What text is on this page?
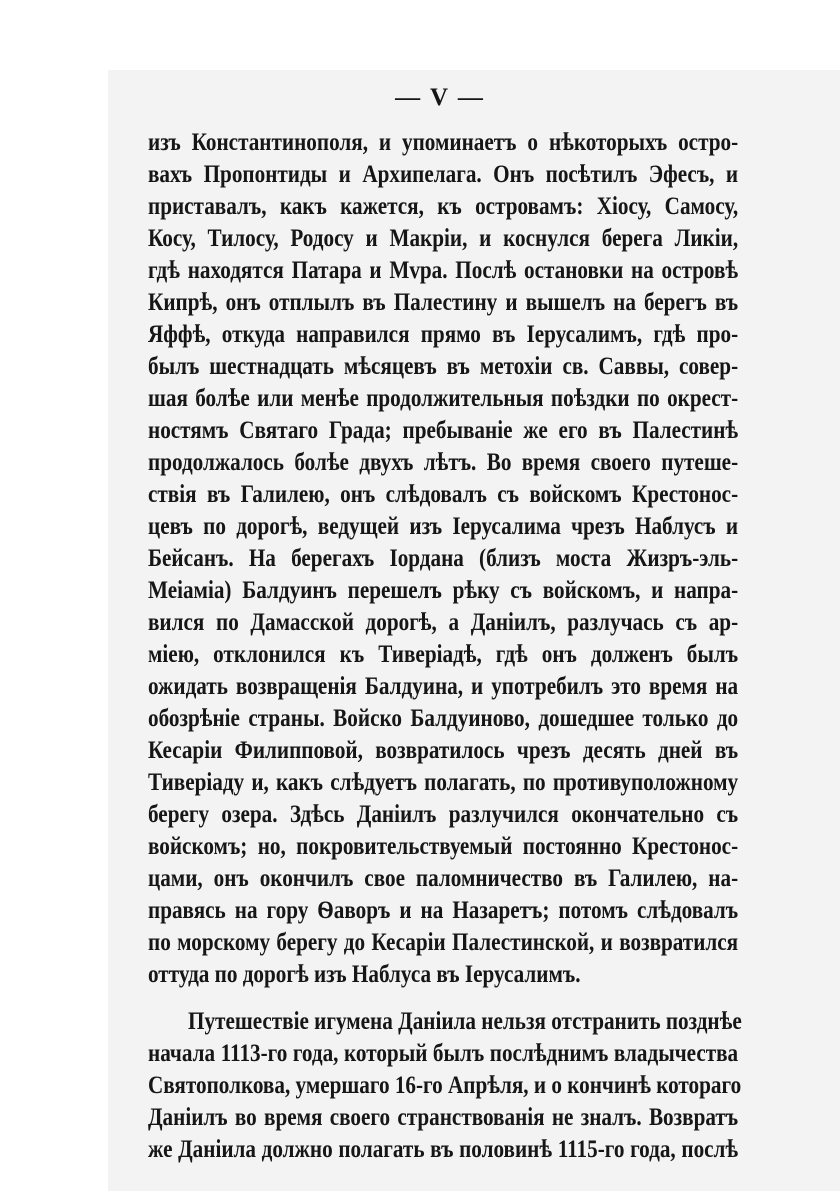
— V —
изъ Константинополя, и упоминаетъ о нѣкоторыхъ остро-
вахъ Пропонтиды и Архипелага. Онъ посѣтилъ Эфесъ, и
приставалъ, какъ кажется, къ островамъ: Хіосу, Самосу,
Косу, Тилосу, Родосу и Макріи, и коснулся берега Ликіи,
гдѣ находятся Патара и Мvра. Послѣ остановки на островѣ
Кипрѣ, онъ отплылъ въ Палестину и вышелъ на берегъ въ
Яффѣ, откуда направился прямо въ Іерусалимъ, гдѣ про-
былъ шестнадцать мѣсяцевъ въ метохіи св. Саввы, совер-
шая болѣе или менѣе продолжительныя поѣздки по окрест-
ностямъ Святаго Града; пребываніе же его въ Палестинѣ
продолжалось болѣе двухъ лѣтъ. Во время своего путеше-
ствія въ Галилею, онъ слѣдовалъ съ войскомъ Крестонос-
цевъ по дорогѣ, ведущей изъ Іерусалима чрезъ Наблусъ и
Бейсанъ. На берегахъ Іордана (близъ моста Жизръ-эль-
Меіаміа) Балдуинъ перешелъ рѣку съ войскомъ, и напра-
вился по Дамасской дорогѣ, а Даніилъ, разлучась съ ар-
міею, отклонился къ Тиверіадѣ, гдѣ онъ долженъ былъ
ожидать возвращенія Балдуина, и употребилъ это время на
обозрѣніе страны. Войско Балдуиново, дошедшее только до
Кесаріи Филипповой, возвратилось чрезъ десять дней въ
Тиверіаду и, какъ слѣдуетъ полагать, по противуположному
берегу озера. Здѣсь Даніилъ разлучился окончательно съ
войскомъ; но, покровительствуемый постоянно Крестонос-
цами, онъ окончилъ свое паломничество въ Галилею, на-
правясь на гору Ѳаворъ и на Назаретъ; потомъ слѣдовалъ
по морскому берегу до Кесаріи Палестинской, и возвратился
оттуда по дорогѣ изъ Наблуса въ Іерусалимъ.
Путешествіе игумена Даніила нельзя отстранить позднѣе
начала 1113-го года, который былъ послѣднимъ владычества
Святополкова, умершаго 16-го Апрѣля, и о кончинѣ котораго
Даніилъ во время своего странствованія не зналъ. Возвратъ
же Даніила должно полагать въ половинѣ 1115-го года, послѣ
